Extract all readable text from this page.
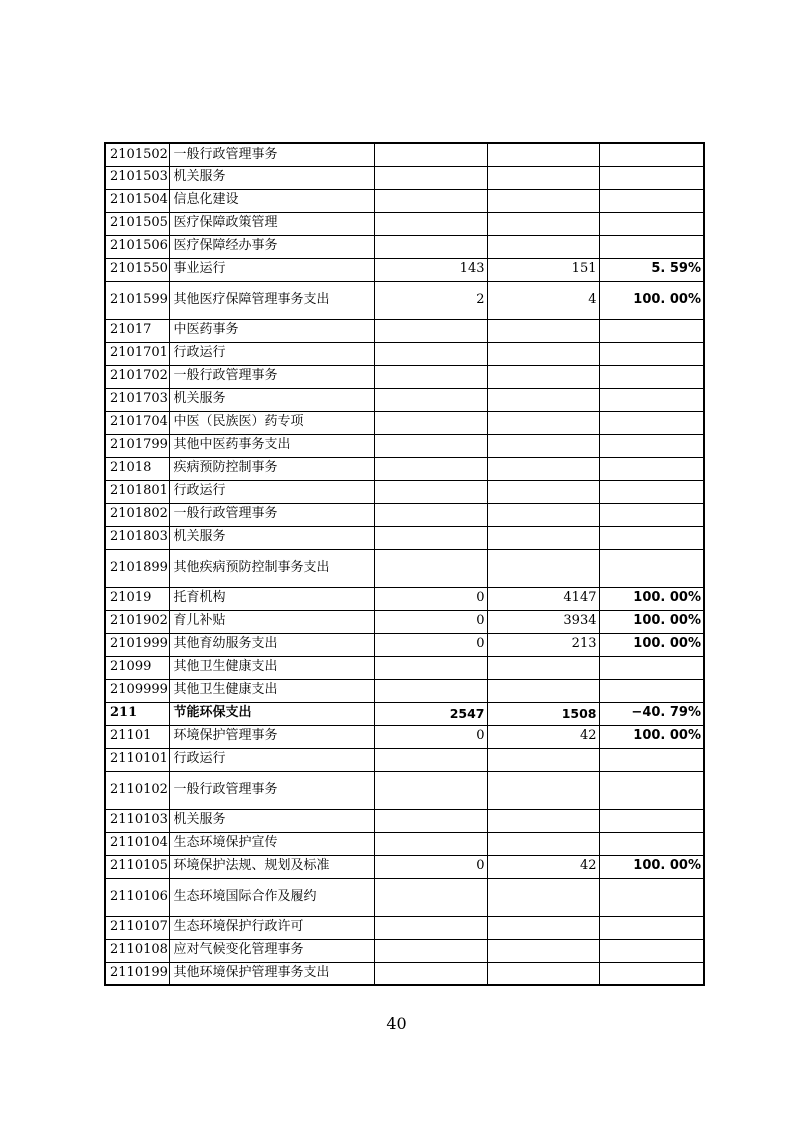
2101502	一般行政管理事务			
2101503	机关服务			
2101504	信息化建设			
2101505	医疗保障政策管理			
2101506	医疗保障经办事务			
2101550	事业运行	143	151	5. 59%
2101599	其他医疗保障管理事务支出	2	4	100. 00%
21017	中医药事务			
2101701	行政运行			
2101702	一般行政管理事务			
2101703	机关服务			
2101704	中医（民族医）药专项			
2101799	其他中医药事务支出			
21018	疾病预防控制事务			
2101801	行政运行			
2101802	一般行政管理事务			
2101803	机关服务			
2101899	其他疾病预防控制事务支出			
21019	托育机构	0	4147	100. 00%
2101902	育儿补贴	0	3934	100. 00%
2101999	其他育幼服务支出	0	213	100. 00%
21099	其他卫生健康支出			
2109999	其他卫生健康支出			
211	节能环保支出	2547	1508	−40. 79%
21101	环境保护管理事务	0	42	100. 00%
2110101	行政运行			
2110102	一般行政管理事务			
2110103	机关服务			
2110104	生态环境保护宣传			
2110105	环境保护法规、规划及标准	0	42	100. 00%
2110106	生态环境国际合作及履约			
2110107	生态环境保护行政许可			
2110108	应对气候变化管理事务			
2110199	其他环境保护管理事务支出			
40
